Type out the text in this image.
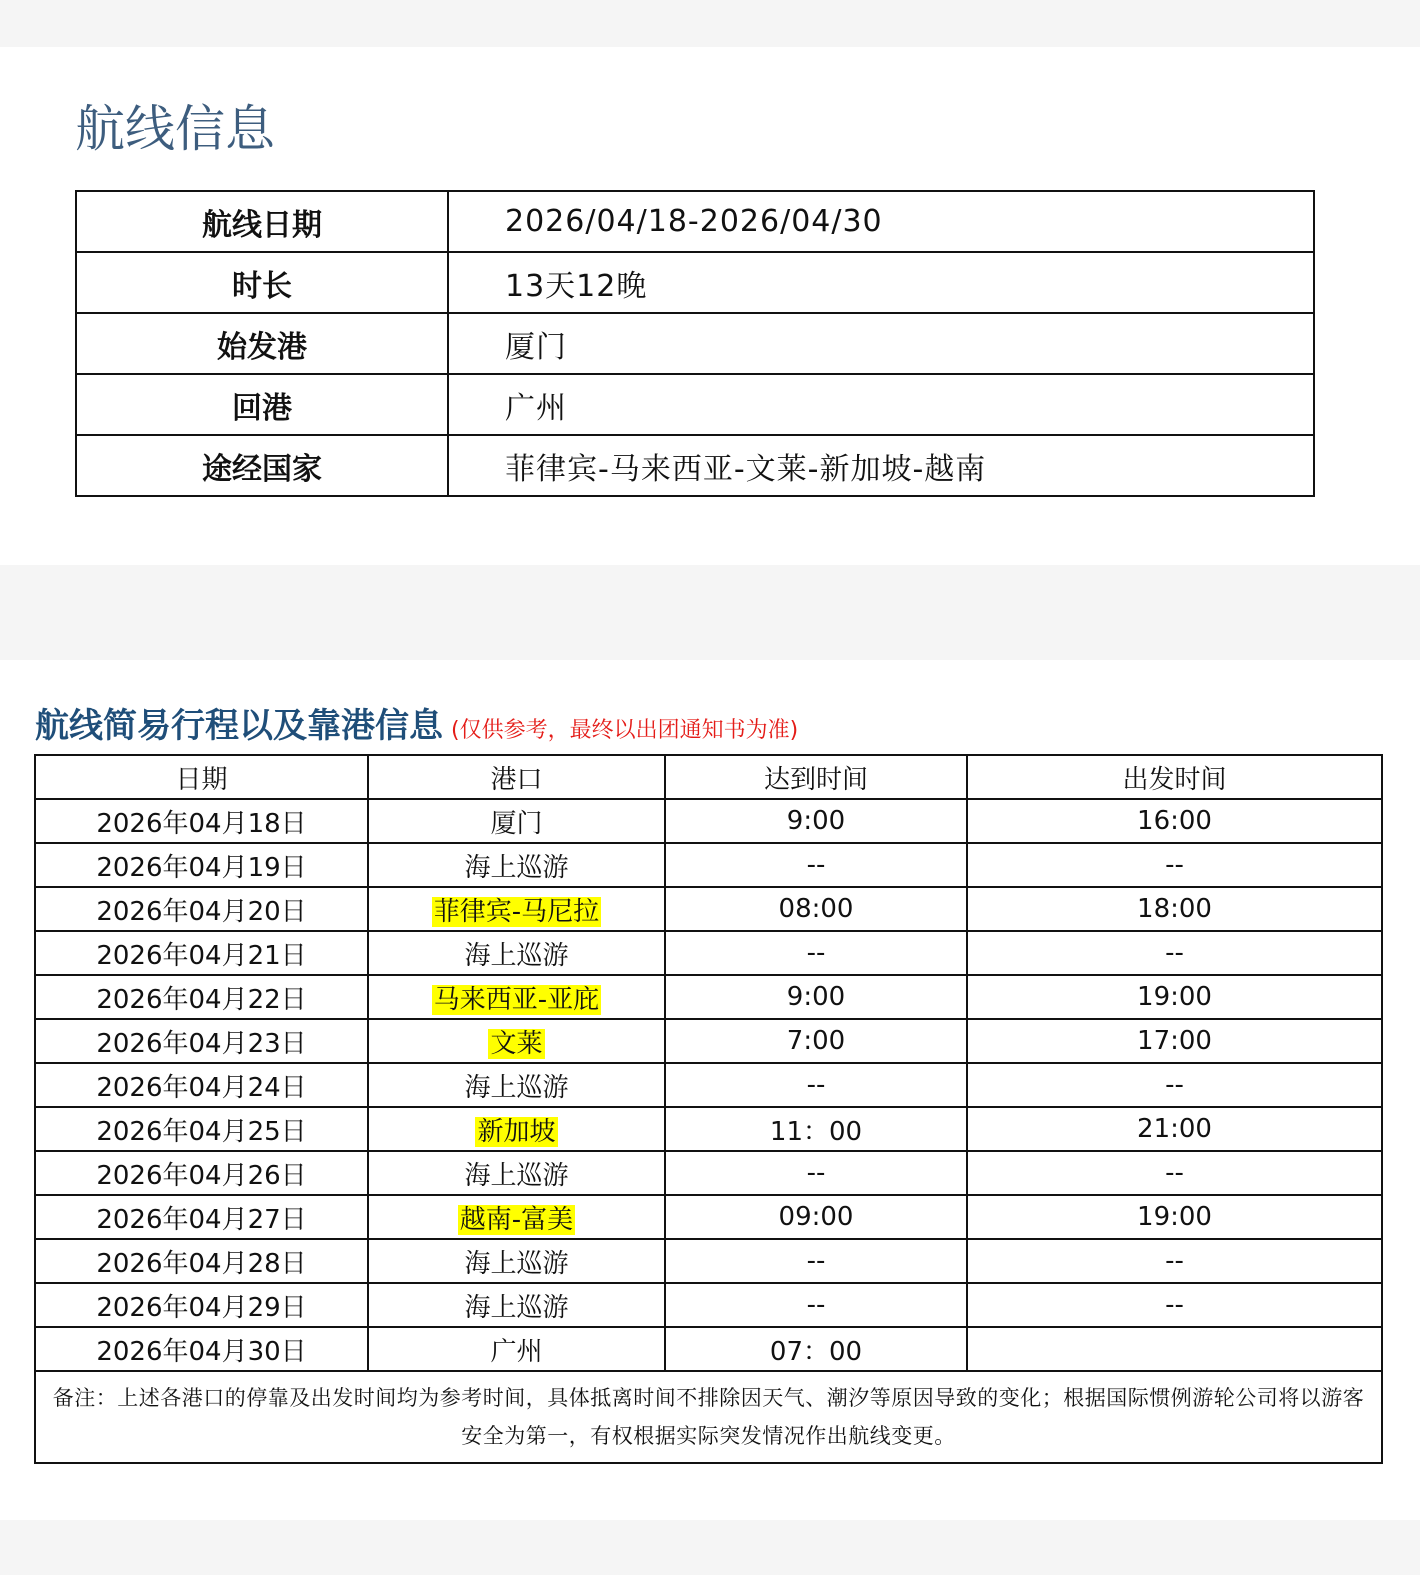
航线信息
航线日期	2026/04/18-2026/04/30
时长	13天12晚
始发港	厦门
回港	广州
途经国家	菲律宾-马来西亚-文莱-新加坡-越南
航线简易行程以及靠港信息 (仅供参考，最终以出团通知书为准)
日期	港口	达到时间	出发时间
2026年04月18日	厦门	9:00	16:00
2026年04月19日	海上巡游	--	--
2026年04月20日	菲律宾-马尼拉	08:00	18:00
2026年04月21日	海上巡游	--	--
2026年04月22日	马来西亚-亚庇	9:00	19:00
2026年04月23日	文莱	7:00	17:00
2026年04月24日	海上巡游	--	--
2026年04月25日	新加坡	11：00	21:00
2026年04月26日	海上巡游	--	--
2026年04月27日	越南-富美	09:00	19:00
2026年04月28日	海上巡游	--	--
2026年04月29日	海上巡游	--	--
2026年04月30日	广州	07：00	
备注：上述各港口的停靠及出发时间均为参考时间，具体抵离时间不排除因天气、潮汐等原因导致的变化；根据国际惯例游轮公司将以游客安全为第一，有权根据实际突发情况作出航线变更。			
